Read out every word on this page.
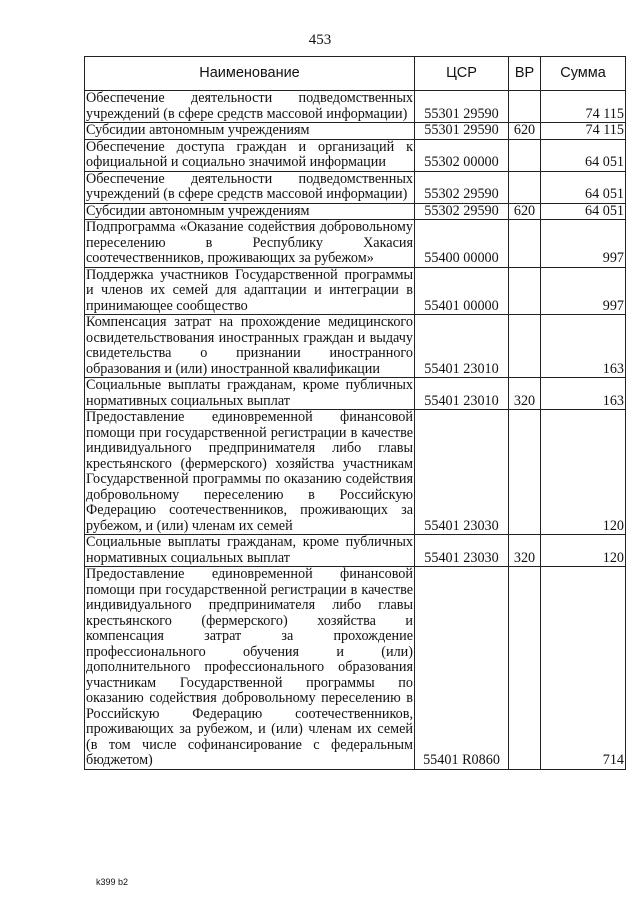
453
Наименование	ЦСР	ВР	Сумма
Обеспечение деятельности подведомственных учреждений (в сфере средств массовой информации)	55301 29590		74 115
Субсидии автономным учреждениям	55301 29590	620	74 115
Обеспечение доступа граждан и организаций к официальной и социально значимой информации	55302 00000		64 051
Обеспечение деятельности подведомственных учреждений (в сфере средств массовой информации)	55302 29590		64 051
Субсидии автономным учреждениям	55302 29590	620	64 051
Подпрограмма «Оказание содействия добровольному переселению в Республику Хакасия соотечественников, проживающих за рубежом»	55400 00000		997
Поддержка участников Государственной программы и членов их семей для адаптации и интеграции в принимающее сообщество	55401 00000		997
Компенсация затрат на прохождение медицинского освидетельствования иностранных граждан и выдачу свидетельства о признании иностранного образования и (или) иностранной квалификации	55401 23010		163
Социальные выплаты гражданам, кроме публичных нормативных социальных выплат	55401 23010	320	163
Предоставление единовременной финансовой помощи при государственной регистрации в качестве индивидуального предпринимателя либо главы крестьянского (фермерского) хозяйства участникам Государственной программы по оказанию содействия добровольному переселению в Российскую Федерацию соотечественников, проживающих за рубежом, и (или) членам их семей	55401 23030		120
Социальные выплаты гражданам, кроме публичных нормативных социальных выплат	55401 23030	320	120
Предоставление единовременной финансовой помощи при государственной регистрации в качестве индивидуального предпринимателя либо главы крестьянского (фермерского) хозяйства и компенсация затрат за прохождение профессионального обучения и (или) дополнительного профессионального образования участникам Государственной программы по оказанию содействия добровольному переселению в Российскую Федерацию соотечественников, проживающих за рубежом, и (или) членам их семей (в том числе софинансирование с федеральным бюджетом)	55401 R0860		714
k399 b2
